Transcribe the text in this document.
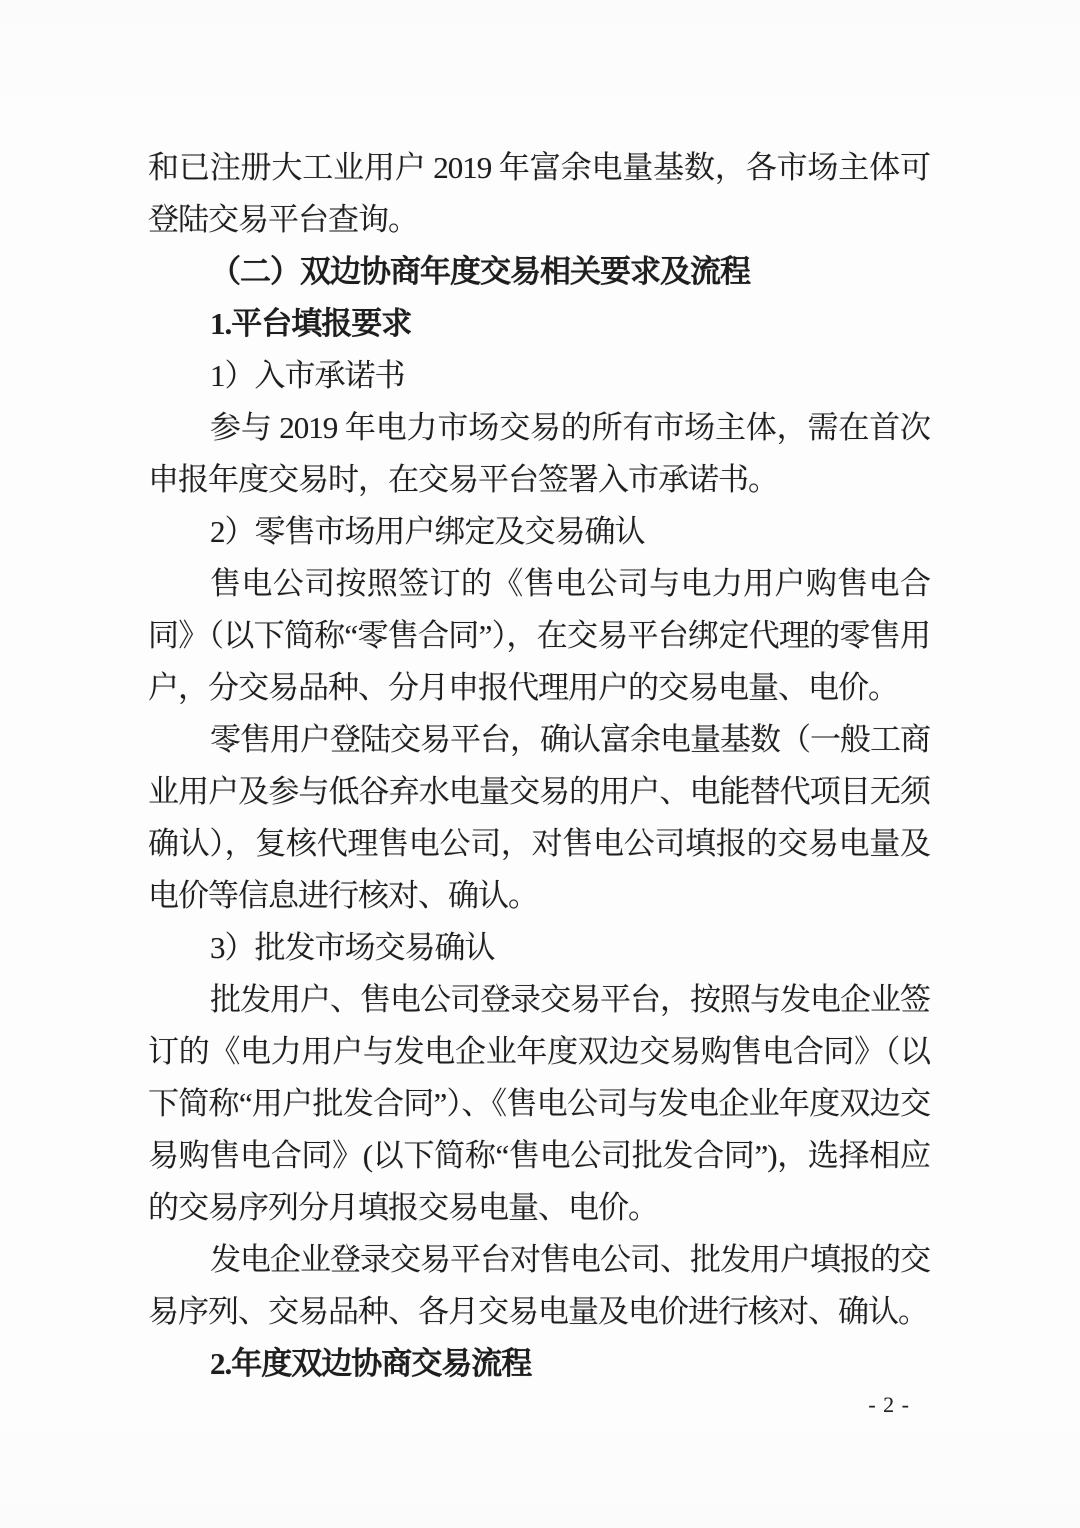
和已注册大工业用户 2019 年富余电量基数，各市场主体可登陆交易平台查询。

（二）双边协商年度交易相关要求及流程

1.平台填报要求

1）入市承诺书

参与 2019 年电力市场交易的所有市场主体，需在首次申报年度交易时，在交易平台签署入市承诺书。

2）零售市场用户绑定及交易确认

售电公司按照签订的《售电公司与电力用户购售电合同》（以下简称“零售合同”），在交易平台绑定代理的零售用户，分交易品种、分月申报代理用户的交易电量、电价。

零售用户登陆交易平台，确认富余电量基数（一般工商业用户及参与低谷弃水电量交易的用户、电能替代项目无须确认），复核代理售电公司，对售电公司填报的交易电量及电价等信息进行核对、确认。

3）批发市场交易确认

批发用户、售电公司登录交易平台，按照与发电企业签订的《电力用户与发电企业年度双边交易购售电合同》（以下简称“用户批发合同”）、《售电公司与发电企业年度双边交易购售电合同》(以下简称“售电公司批发合同”)，选择相应的交易序列分月填报交易电量、电价。

发电企业登录交易平台对售电公司、批发用户填报的交易序列、交易品种、各月交易电量及电价进行核对、确认。

2.年度双边协商交易流程

- 2 -
